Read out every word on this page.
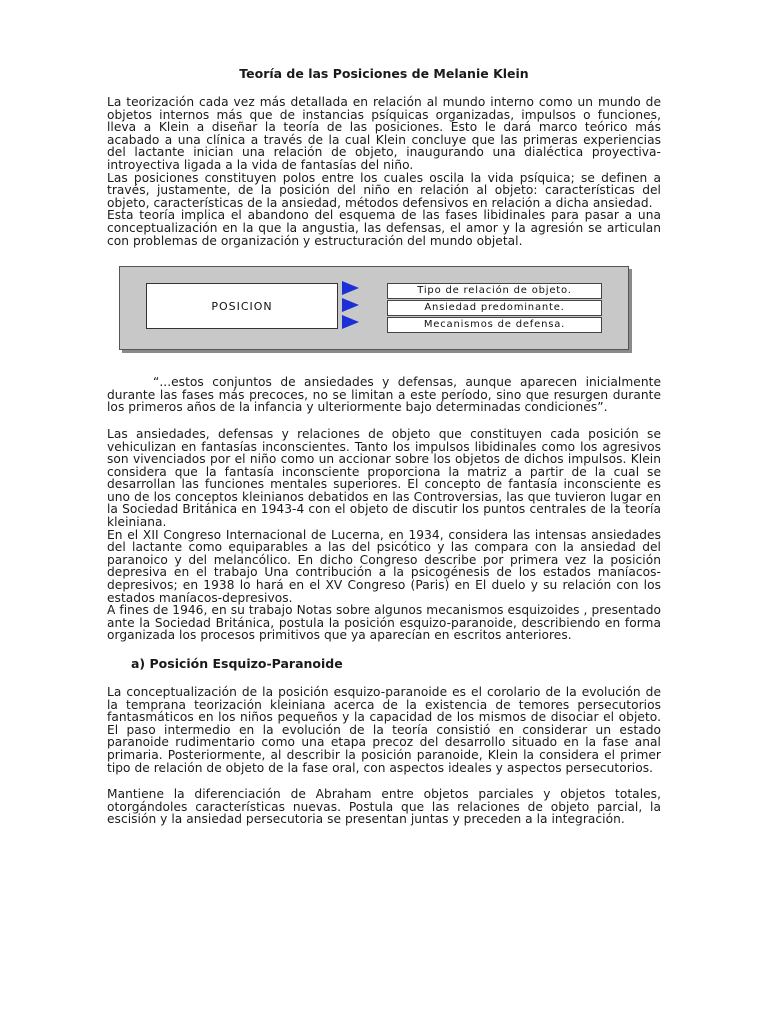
Teoría de las Posiciones de Melanie Klein

La teorización cada vez más detallada en relación al mundo interno como un mundo de objetos internos más que de instancias psíquicas organizadas, impulsos o funciones, lleva a Klein a diseñar la teoría de las posiciones. Esto le dará marco teórico más acabado a una clínica a través de la cual Klein concluye que las primeras experiencias del lactante inician una relación de objeto, inaugurando una dialéctica proyectiva-introyectiva ligada a la vida de fantasías del niño.

Las posiciones constituyen polos entre los cuales oscila la vida psíquica; se definen a través, justamente, de la posición del niño en relación al objeto: características del objeto, características de la ansiedad, métodos defensivos en relación a dicha ansiedad.

Esta teoría implica el abandono del esquema de las fases libidinales para pasar a una conceptualización en la que la angustia, las defensas, el amor y la agresión se articulan con problemas de organización y estructuración del mundo objetal.

POSICION
Tipo de relación de objeto.
Ansiedad predominante.
Mecanismos de defensa.

“...estos conjuntos de ansiedades y defensas, aunque aparecen inicialmente durante las fases más precoces, no se limitan a este período, sino que resurgen durante los primeros años de la infancia y ulteriormente bajo determinadas condiciones”.

Las ansiedades, defensas y relaciones de objeto que constituyen cada posición se vehiculizan en fantasías inconscientes. Tanto los impulsos libidinales como los agresivos son vivenciados por el niño como un accionar sobre los objetos de dichos impulsos. Klein considera que la fantasía inconsciente proporciona la matriz a partir de la cual se desarrollan las funciones mentales superiores. El concepto de fantasía inconsciente es uno de los conceptos kleinianos debatidos en las Controversias, las que tuvieron lugar en la Sociedad Británica en 1943-4 con el objeto de discutir los puntos centrales de la teoría kleiniana.

En el XII Congreso Internacional de Lucerna, en 1934, considera las intensas ansiedades del lactante como equiparables a las del psicótico y las compara con la ansiedad del paranoico y del melancólico. En dicho Congreso describe por primera vez la posición depresiva en el trabajo Una contribución a la psicogénesis de los estados maníacos-depresivos; en 1938 lo hará en el XV Congreso (Paris) en El duelo y su relación con los estados maníacos-depresivos.

A fines de 1946, en su trabajo Notas sobre algunos mecanismos esquizoides , presentado ante la Sociedad Británica, postula la posición esquizo-paranoide, describiendo en forma organizada los procesos primitivos que ya aparecían en escritos anteriores.

a) Posición Esquizo-Paranoide

La conceptualización de la posición esquizo-paranoide es el corolario de la evolución de la temprana teorización kleiniana acerca de la existencia de temores persecutorios fantasmáticos en los niños pequeños y la capacidad de los mismos de disociar el objeto. El paso intermedio en la evolución de la teoría consistió en considerar un estado paranoide rudimentario como una etapa precoz del desarrollo situado en la fase anal primaria. Posteriormente, al describir la posición paranoide, Klein la considera el primer tipo de relación de objeto de la fase oral, con aspectos ideales y aspectos persecutorios.

Mantiene la diferenciación de Abraham entre objetos parciales y objetos totales, otorgándoles características nuevas. Postula que las relaciones de objeto parcial, la escisión y la ansiedad persecutoria se presentan juntas y preceden a la integración.
